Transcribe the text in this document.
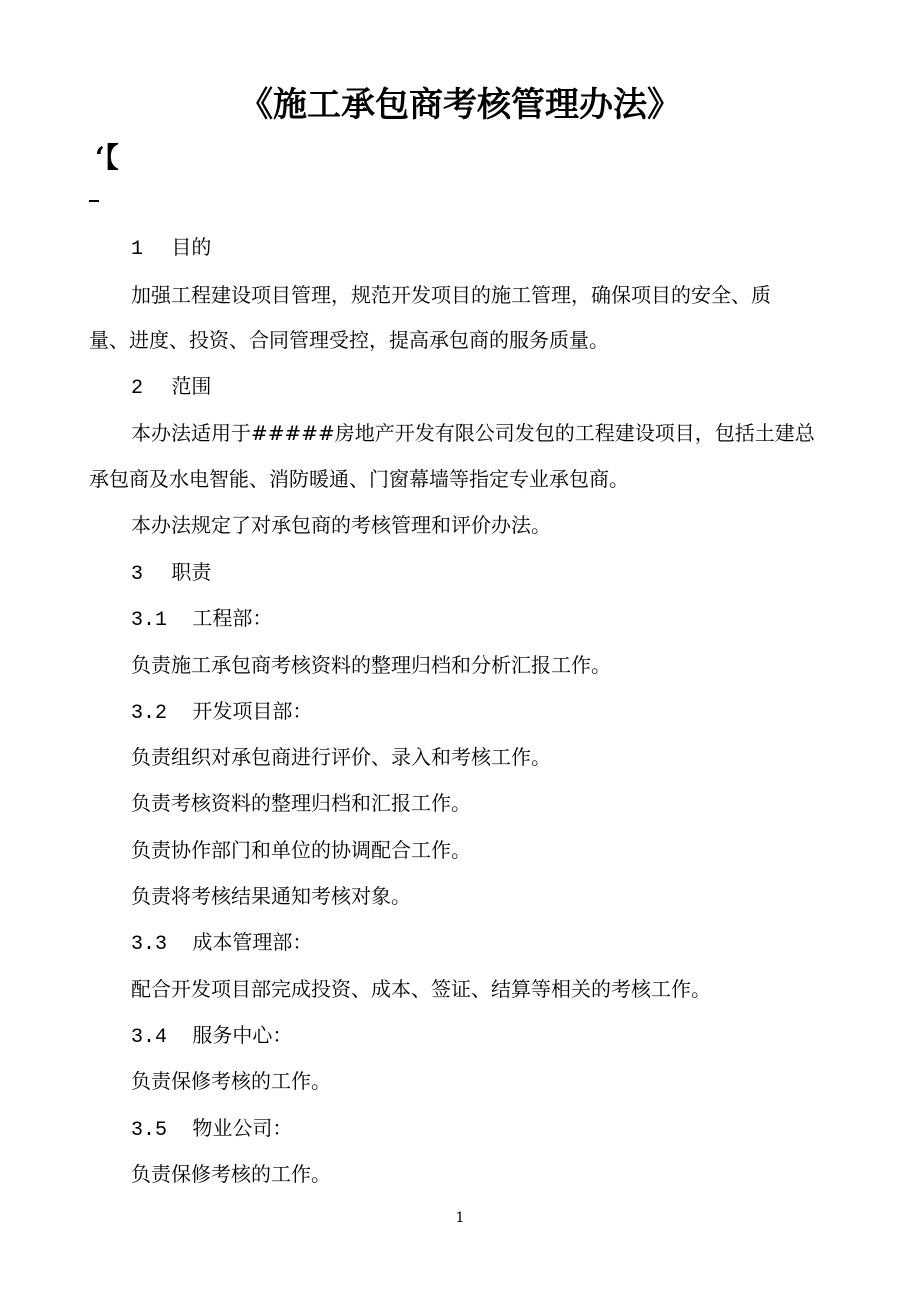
《施工承包商考核管理办法》
‘【
1 目的
加强工程建设项目管理，规范开发项目的施工管理，确保项目的安全、质
量、进度、投资、合同管理受控，提高承包商的服务质量。
2 范围
本办法适用于#####房地产开发有限公司发包的工程建设项目，包括土建总
承包商及水电智能、消防暖通、门窗幕墙等指定专业承包商。
本办法规定了对承包商的考核管理和评价办法。
3 职责
3.1 工程部：
负责施工承包商考核资料的整理归档和分析汇报工作。
3.2 开发项目部：
负责组织对承包商进行评价、录入和考核工作。
负责考核资料的整理归档和汇报工作。
负责协作部门和单位的协调配合工作。
负责将考核结果通知考核对象。
3.3 成本管理部：
配合开发项目部完成投资、成本、签证、结算等相关的考核工作。
3.4 服务中心：
负责保修考核的工作。
3.5 物业公司：
负责保修考核的工作。
1
